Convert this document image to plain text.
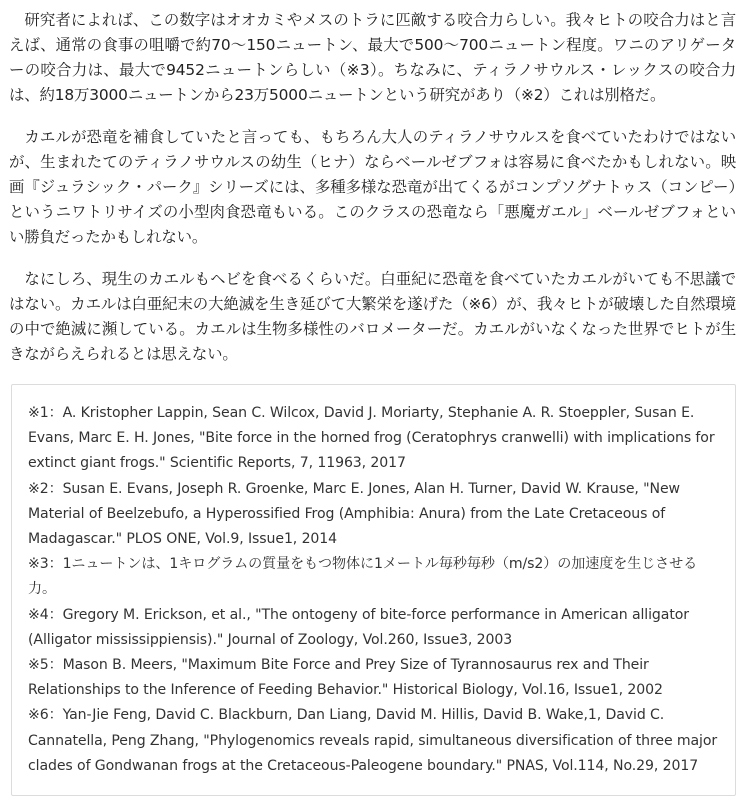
研究者によれば、この数字はオオカミやメスのトラに匹敵する咬合力らしい。我々ヒトの咬合力はと言えば、通常の食事の咀嚼で約70〜150ニュートン、最大で500〜700ニュートン程度。ワニのアリゲーターの咬合力は、最大で9452ニュートンらしい（※3）。ちなみに、ティラノサウルス・レックスの咬合力は、約18万3000ニュートンから23万5000ニュートンという研究があり（※2）これは別格だ。

カエルが恐竜を補食していたと言っても、もちろん大人のティラノサウルスを食べていたわけではないが、生まれたてのティラノサウルスの幼生（ヒナ）ならベールゼブフォは容易に食べたかもしれない。映画『ジュラシック・パーク』シリーズには、多種多様な恐竜が出てくるがコンプソグナトゥス（コンピー）というニワトリサイズの小型肉食恐竜もいる。このクラスの恐竜なら「悪魔ガエル」ベールゼブフォといい勝負だったかもしれない。

なにしろ、現生のカエルもヘビを食べるくらいだ。白亜紀に恐竜を食べていたカエルがいても不思議ではない。カエルは白亜紀末の大絶滅を生き延びて大繁栄を遂げた（※6）が、我々ヒトが破壊した自然環境の中で絶滅に瀕している。カエルは生物多様性のバロメーターだ。カエルがいなくなった世界でヒトが生きながらえられるとは思えない。

※1：A. Kristopher Lappin, Sean C. Wilcox, David J. Moriarty, Stephanie A. R. Stoeppler, Susan E. Evans, Marc E. H. Jones, "Bite force in the horned frog (Ceratophrys cranwelli) with implications for extinct giant frogs." Scientific Reports, 7, 11963, 2017

※2：Susan E. Evans, Joseph R. Groenke, Marc E. Jones, Alan H. Turner, David W. Krause, "New Material of Beelzebufo, a Hyperossified Frog (Amphibia: Anura) from the Late Cretaceous of Madagascar." PLOS ONE, Vol.9, Issue1, 2014

※3：1ニュートンは、1キログラムの質量をもつ物体に1メートル毎秒毎秒（m/s2）の加速度を生じさせる力。

※4：Gregory M. Erickson, et al., "The ontogeny of bite-force performance in American alligator (Alligator mississippiensis)." Journal of Zoology, Vol.260, Issue3, 2003

※5：Mason B. Meers, "Maximum Bite Force and Prey Size of Tyrannosaurus rex and Their Relationships to the Inference of Feeding Behavior." Historical Biology, Vol.16, Issue1, 2002

※6：Yan-Jie Feng, David C. Blackburn, Dan Liang, David M. Hillis, David B. Wake,1, David C. Cannatella, Peng Zhang, "Phylogenomics reveals rapid, simultaneous diversification of three major clades of Gondwanan frogs at the Cretaceous-Paleogene boundary." PNAS, Vol.114, No.29, 2017
